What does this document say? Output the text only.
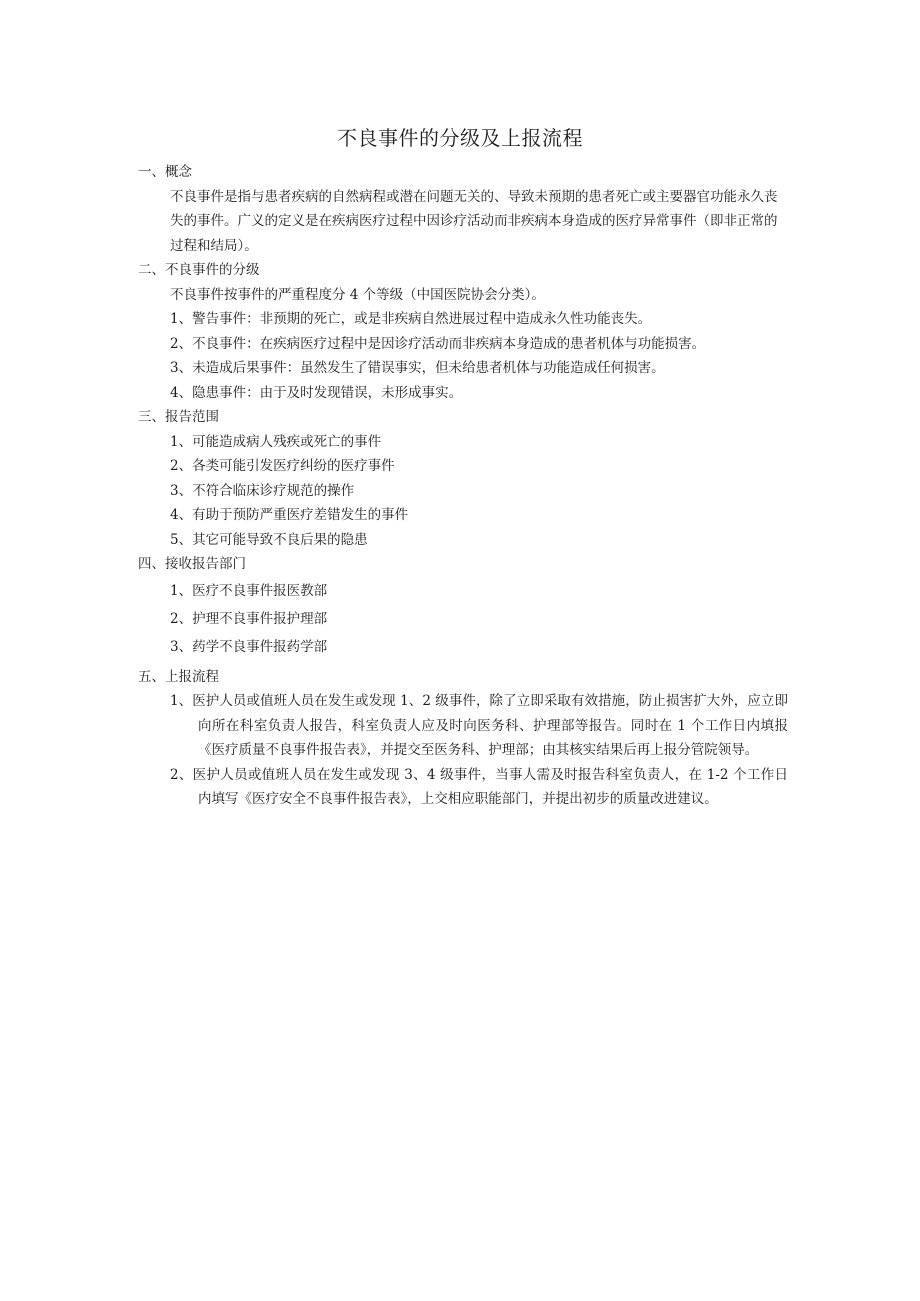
不良事件的分级及上报流程

一、概念

不良事件是指与患者疾病的自然病程或潜在问题无关的、导致未预期的患者死亡或主要器官功能永久丧失的事件。广义的定义是在疾病医疗过程中因诊疗活动而非疾病本身造成的医疗异常事件（即非正常的过程和结局）。

二、不良事件的分级

不良事件按事件的严重程度分 4 个等级（中国医院协会分类）。

1、警告事件：非预期的死亡，或是非疾病自然进展过程中造成永久性功能丧失。

2、不良事件：在疾病医疗过程中是因诊疗活动而非疾病本身造成的患者机体与功能损害。

3、未造成后果事件：虽然发生了错误事实，但未给患者机体与功能造成任何损害。

4、隐患事件：由于及时发现错误，未形成事实。

三、报告范围

1、可能造成病人残疾或死亡的事件

2、各类可能引发医疗纠纷的医疗事件

3、不符合临床诊疗规范的操作

4、有助于预防严重医疗差错发生的事件

5、其它可能导致不良后果的隐患

四、接收报告部门

1、医疗不良事件报医教部

2、护理不良事件报护理部

3、药学不良事件报药学部

五、上报流程

1、医护人员或值班人员在发生或发现 1、2 级事件，除了立即采取有效措施，防止损害扩大外，应立即向所在科室负责人报告，科室负责人应及时向医务科、护理部等报告。同时在 1 个工作日内填报《医疗质量不良事件报告表》，并提交至医务科、护理部；由其核实结果后再上报分管院领导。

2、医护人员或值班人员在发生或发现 3、4 级事件，当事人需及时报告科室负责人，在 1-2 个工作日内填写《医疗安全不良事件报告表》，上交相应职能部门，并提出初步的质量改进建议。
